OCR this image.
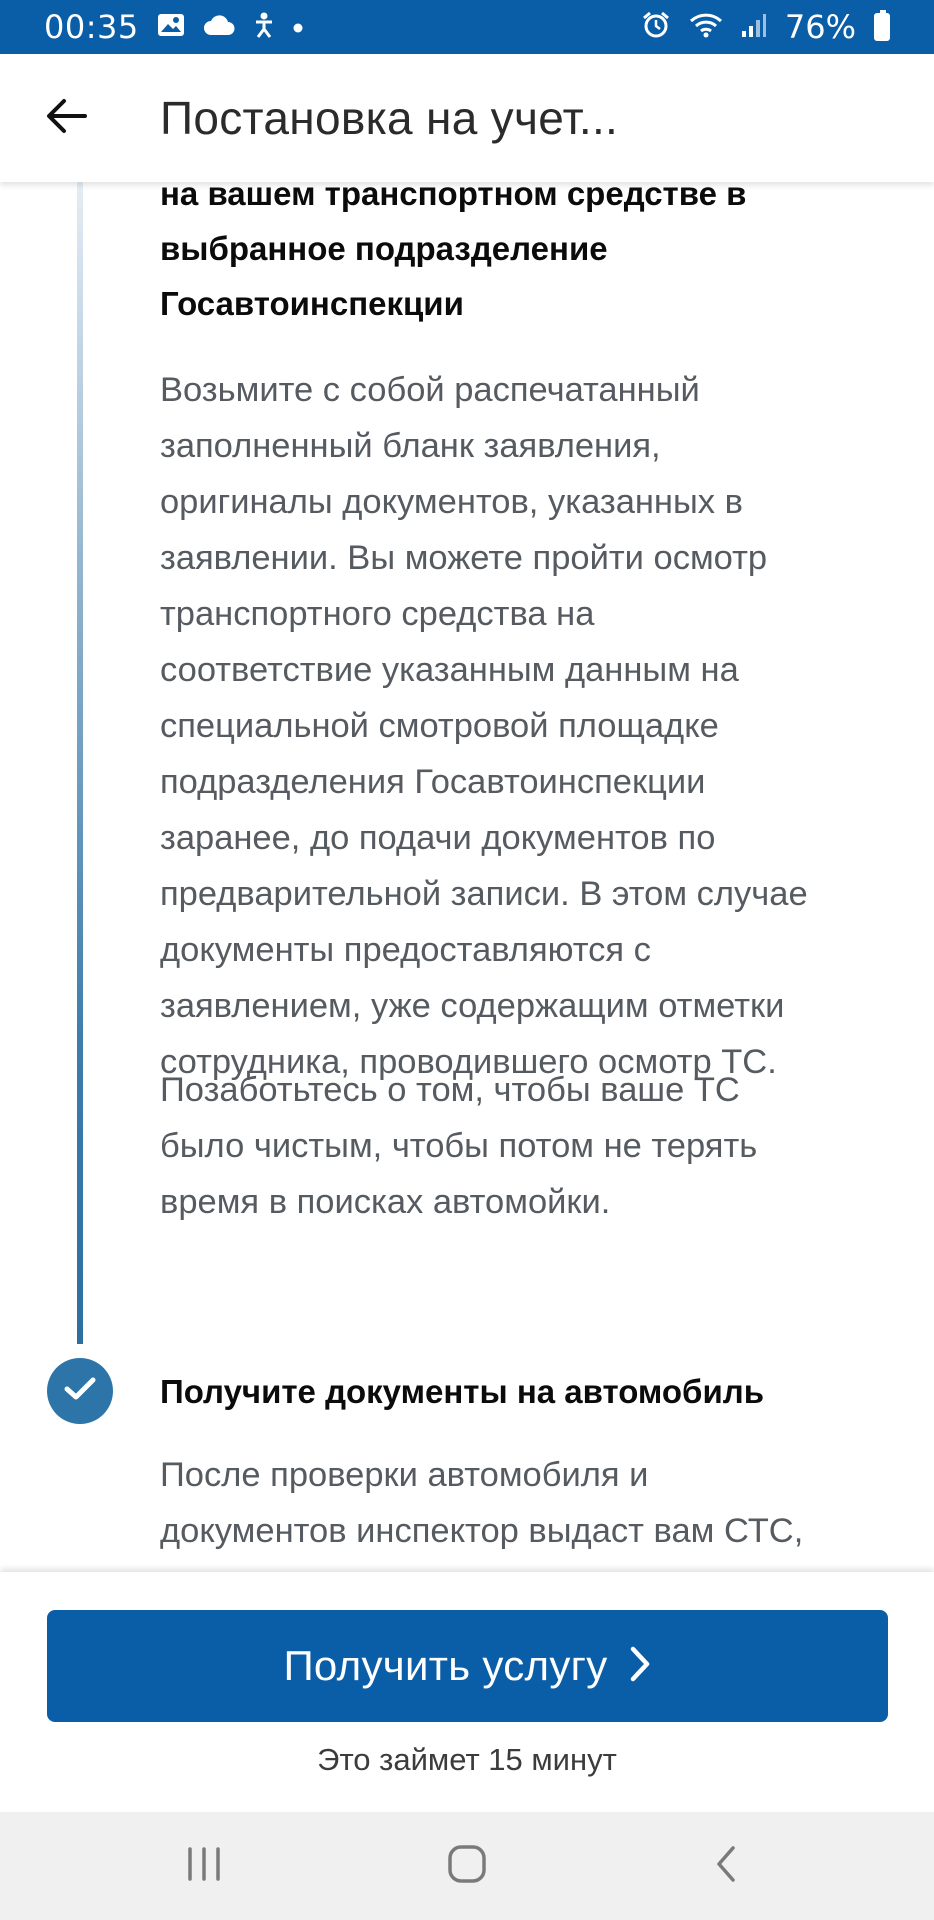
00:35	76%
Постановка на учет...
на вашем транспортном средстве в
выбранное подразделение
Госавтоинспекции
Возьмите с собой распечатанный
заполненный бланк заявления,
оригиналы документов, указанных в
заявлении. Вы можете пройти осмотр
транспортного средства на
соответствие указанным данным на
специальной смотровой площадке
подразделения Госавтоинспекции
заранее, до подачи документов по
предварительной записи. В этом случае
документы предоставляются с
заявлением, уже содержащим отметки
сотрудника, проводившего осмотр ТС.
Позаботьтесь о том, чтобы ваше ТС
было чистым, чтобы потом не терять
время в поисках автомойки.
Получите документы на автомобиль
После проверки автомобиля и
документов инспектор выдаст вам СТС,
Получить услугу
Это займет 15 минут
